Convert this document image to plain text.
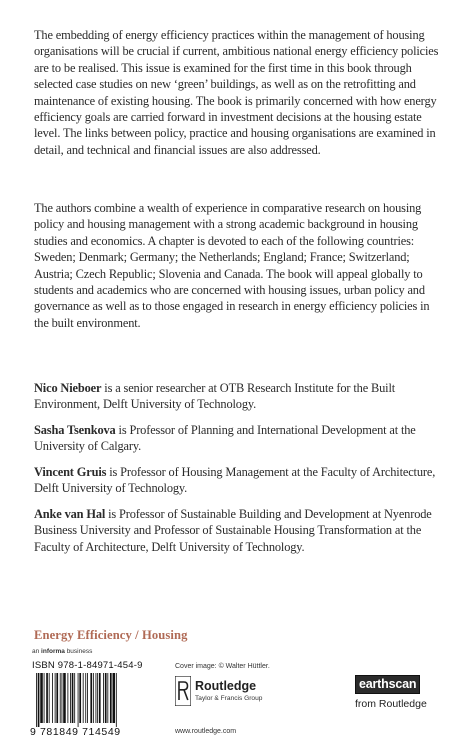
The embedding of energy efficiency practices within the management of housing organisations will be crucial if current, ambitious national energy efficiency policies are to be realised. This issue is examined for the first time in this book through selected case studies on new ‘green’ buildings, as well as on the retrofitting and maintenance of existing housing. The book is primarily concerned with how energy efficiency goals are carried forward in investment decisions at the housing estate level. The links between policy, practice and housing organisations are examined in detail, and technical and financial issues are also addressed.

The authors combine a wealth of experience in comparative research on housing policy and housing management with a strong academic background in housing studies and economics. A chapter is devoted to each of the following countries: Sweden; Denmark; Germany; the Netherlands; England; France; Switzerland; Austria; Czech Republic; Slovenia and Canada. The book will appeal globally to students and academics who are concerned with housing issues, urban policy and governance as well as to those engaged in research in energy efficiency policies in the built environment.

Nico Nieboer is a senior researcher at OTB Research Institute for the Built Environment, Delft University of Technology.

Sasha Tsenkova is Professor of Planning and International Development at the University of Calgary.

Vincent Gruis is Professor of Housing Management at the Faculty of Architecture, Delft University of Technology.

Anke van Hal is Professor of Sustainable Building and Development at Nyenrode Business University and Professor of Sustainable Housing Transformation at the Faculty of Architecture, Delft University of Technology.

Energy Efficiency / Housing
an informa business
ISBN 978-1-84971-454-9
9 781849 714549
Cover image: © Walter Hüttler.
Routledge
Taylor & Francis Group
www.routledge.com
earthscan
from Routledge
